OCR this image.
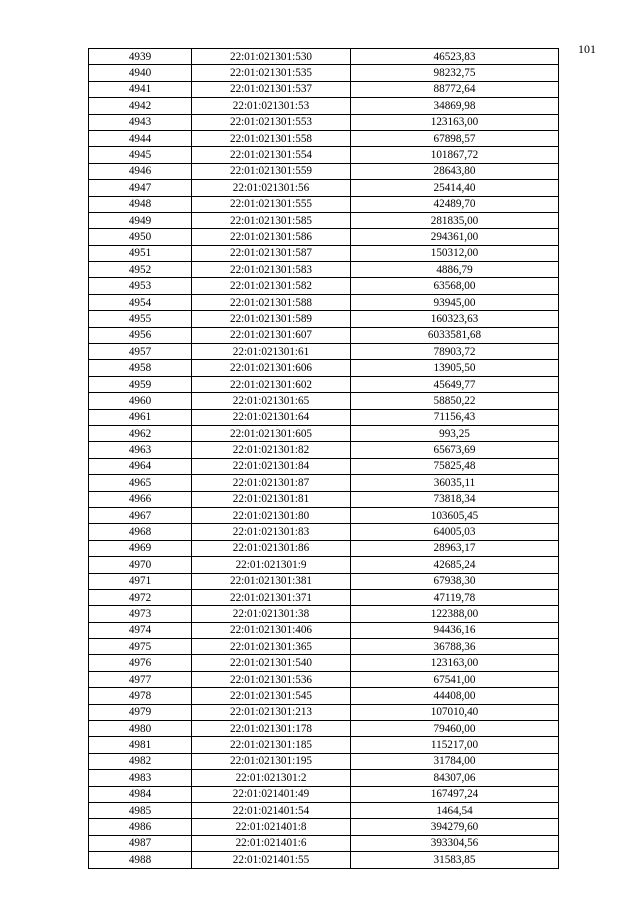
101
4939	22:01:021301:530	46523,83
4940	22:01:021301:535	98232,75
4941	22:01:021301:537	88772,64
4942	22:01:021301:53	34869,98
4943	22:01:021301:553	123163,00
4944	22:01:021301:558	67898,57
4945	22:01:021301:554	101867,72
4946	22:01:021301:559	28643,80
4947	22:01:021301:56	25414,40
4948	22:01:021301:555	42489,70
4949	22:01:021301:585	281835,00
4950	22:01:021301:586	294361,00
4951	22:01:021301:587	150312,00
4952	22:01:021301:583	4886,79
4953	22:01:021301:582	63568,00
4954	22:01:021301:588	93945,00
4955	22:01:021301:589	160323,63
4956	22:01:021301:607	6033581,68
4957	22:01:021301:61	78903,72
4958	22:01:021301:606	13905,50
4959	22:01:021301:602	45649,77
4960	22:01:021301:65	58850,22
4961	22:01:021301:64	71156,43
4962	22:01:021301:605	993,25
4963	22:01:021301:82	65673,69
4964	22:01:021301:84	75825,48
4965	22:01:021301:87	36035,11
4966	22:01:021301:81	73818,34
4967	22:01:021301:80	103605,45
4968	22:01:021301:83	64005,03
4969	22:01:021301:86	28963,17
4970	22:01:021301:9	42685,24
4971	22:01:021301:381	67938,30
4972	22:01:021301:371	47119,78
4973	22:01:021301:38	122388,00
4974	22:01:021301:406	94436,16
4975	22:01:021301:365	36788,36
4976	22:01:021301:540	123163,00
4977	22:01:021301:536	67541,00
4978	22:01:021301:545	44408,00
4979	22:01:021301:213	107010,40
4980	22:01:021301:178	79460,00
4981	22:01:021301:185	115217,00
4982	22:01:021301:195	31784,00
4983	22:01:021301:2	84307,06
4984	22:01:021401:49	167497,24
4985	22:01:021401:54	1464,54
4986	22:01:021401:8	394279,60
4987	22:01:021401:6	393304,56
4988	22:01:021401:55	31583,85
